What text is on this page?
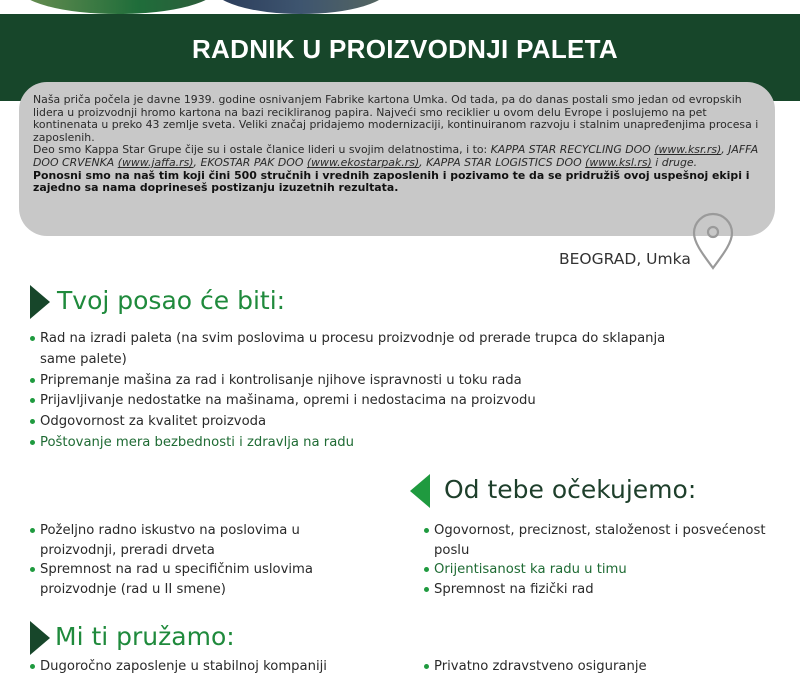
RADNIK U PROIZVODNJI PALETA

Naša priča počela je davne 1939. godine osnivanjem Fabrike kartona Umka. Od tada, pa do danas postali smo jedan od evropskih lidera u proizvodnji hromo kartona na bazi recikliranog papira. Najveći smo reciklier u ovom delu Evrope i poslujemo na pet kontinenata u preko 43 zemlje sveta. Veliki značaj pridajemo modernizaciji, kontinuiranom razvoju i stalnim unapređenjima procesa i zaposlenih.

Deo smo Kappa Star Grupe čije su i ostale članice lideri u svojim delatnostima, i to: KAPPA STAR RECYCLING DOO (www.ksr.rs), JAFFA DOO CRVENKA (www.jaffa.rs), EKOSTAR PAK DOO (www.ekostarpak.rs), KAPPA STAR LOGISTICS DOO (www.ksl.rs) i druge.

Ponosni smo na naš tim koji čini 500 stručnih i vrednih zaposlenih i pozivamo te da se pridružiš ovoj uspešnoj ekipi i zajedno sa nama doprineseš postizanju izuzetnih rezultata.

BEOGRAD, Umka
Tvoj posao će biti:
Rad na izradi paleta (na svim poslovima u procesu proizvodnje od prerade trupca do sklapanja same palete)
Pripremanje mašina za rad i kontrolisanje njihove ispravnosti u toku rada
Prijavljivanje nedostatke na mašinama, opremi i nedostacima na proizvodu
Odgovornost za kvalitet proizvoda
Poštovanje mera bezbednosti i zdravlja na radu
Od tebe očekujemo:
Poželjno radno iskustvo na poslovima u proizvodnji, preradi drveta
Spremnost na rad u specifičnim uslovima proizvodnje (rad u II smene)
Ogovornost, preciznost, staloženost i posvećenost poslu
Orijentisanost ka radu u timu
Spremnost na fizički rad
Mi ti pružamo:
Dugoročno zaposlenje u stabilnoj kompaniji	Privatno zdravstveno osiguranje
